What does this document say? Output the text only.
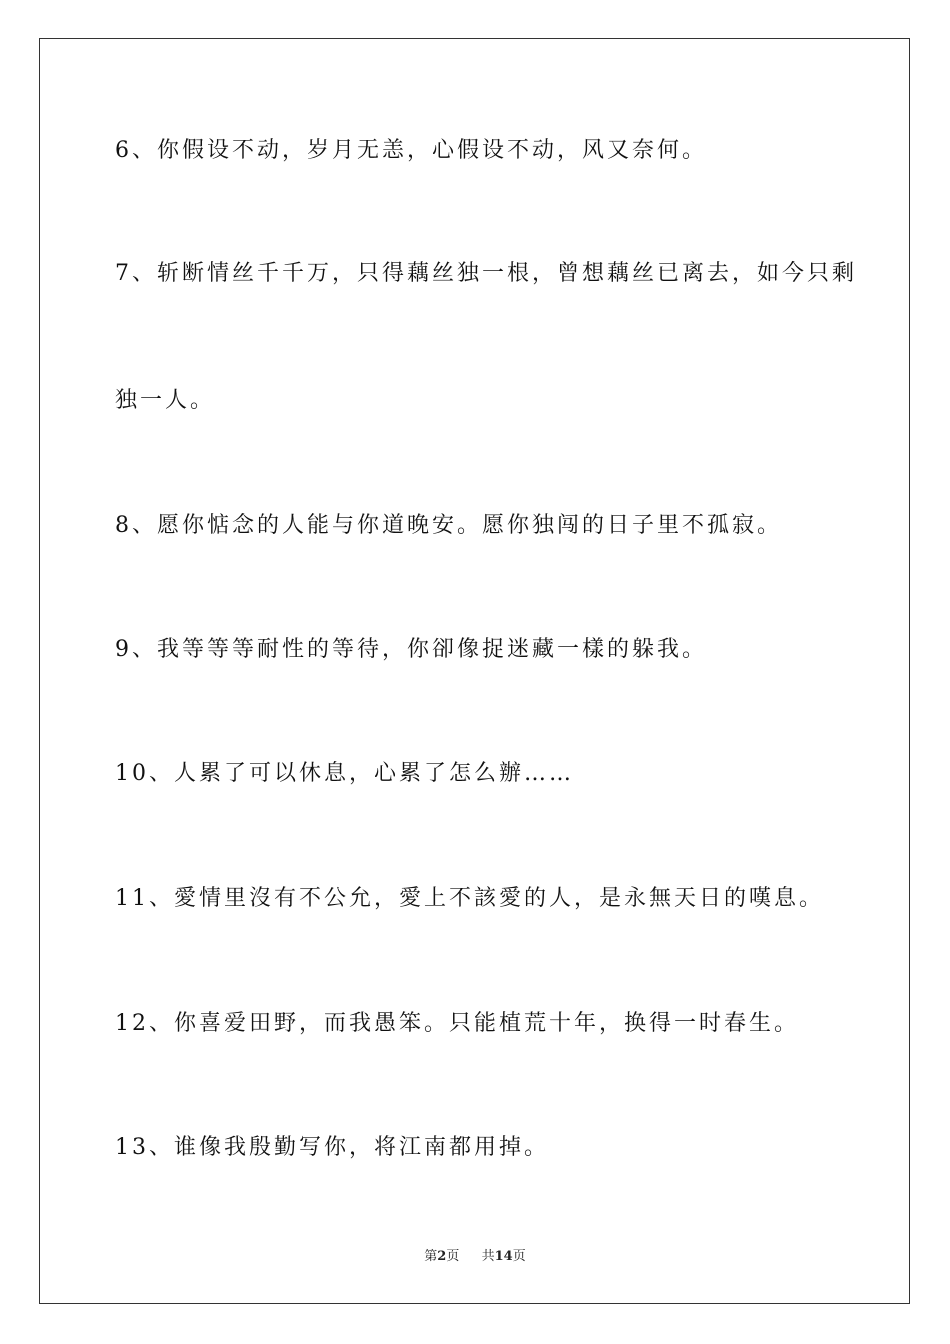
6、你假设不动，岁月无恙，心假设不动，风又奈何。
7、斩断情丝千千万，只得藕丝独一根，曾想藕丝已离去，如今只剩
独一人。
8、愿你惦念的人能与你道晚安。愿你独闯的日子里不孤寂。
9、我等等等耐性的等待，你卻像捉迷藏一樣的躲我。
10、人累了可以休息，心累了怎么辦……
11、愛情里沒有不公允，愛上不該愛的人，是永無天日的嘆息。
12、你喜爱田野，而我愚笨。只能植荒十年，换得一时春生。
13、谁像我殷勤写你，将江南都用掉。
第2页 共14页
